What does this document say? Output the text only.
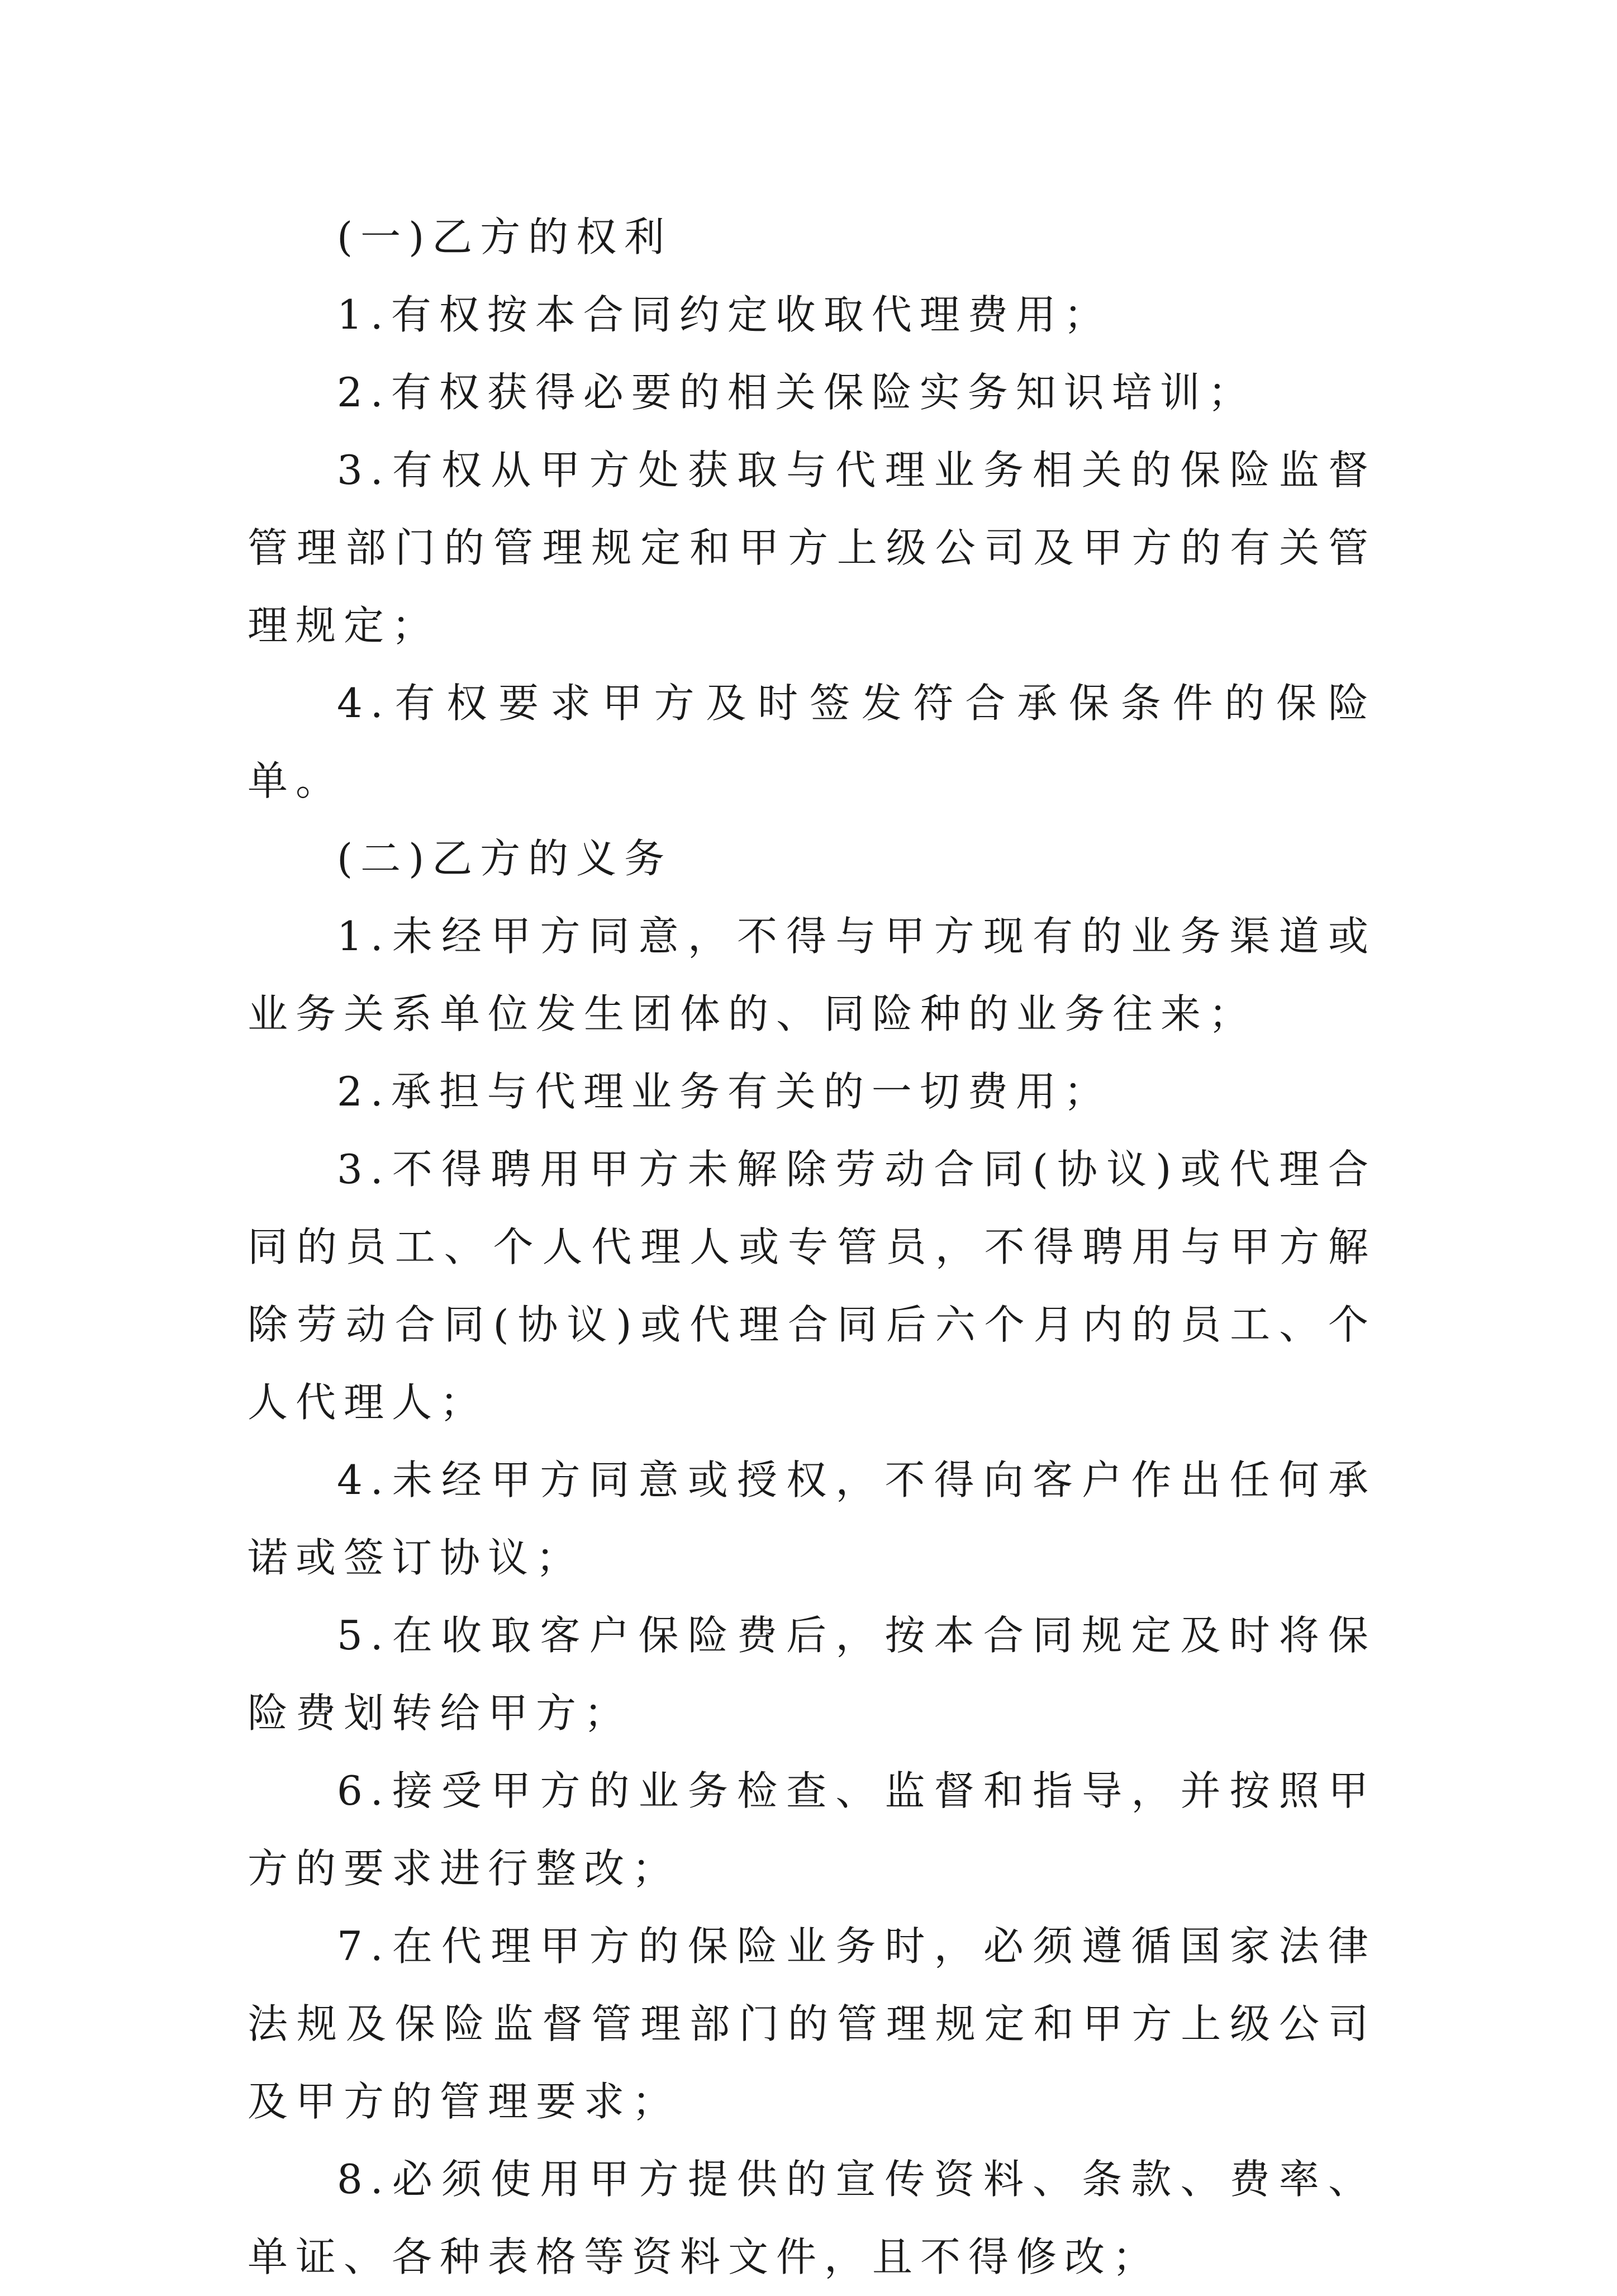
(一)乙方的权利

1.有权按本合同约定收取代理费用；

2.有权获得必要的相关保险实务知识培训；

3.有权从甲方处获取与代理业务相关的保险监督管理部门的管理规定和甲方上级公司及甲方的有关管理规定；

4.有权要求甲方及时签发符合承保条件的保险单。

(二)乙方的义务

1.未经甲方同意，不得与甲方现有的业务渠道或业务关系单位发生团体的、同险种的业务往来；

2.承担与代理业务有关的一切费用；

3.不得聘用甲方未解除劳动合同(协议)或代理合同的员工、个人代理人或专管员，不得聘用与甲方解除劳动合同(协议)或代理合同后六个月内的员工、个人代理人；

4.未经甲方同意或授权，不得向客户作出任何承诺或签订协议；

5.在收取客户保险费后，按本合同规定及时将保险费划转给甲方；

6.接受甲方的业务检查、监督和指导，并按照甲方的要求进行整改；

7.在代理甲方的保险业务时，必须遵循国家法律法规及保险监督管理部门的管理规定和甲方上级公司及甲方的管理要求；

8.必须使用甲方提供的宣传资料、条款、费率、单证、各种表格等资料文件，且不得修改；
